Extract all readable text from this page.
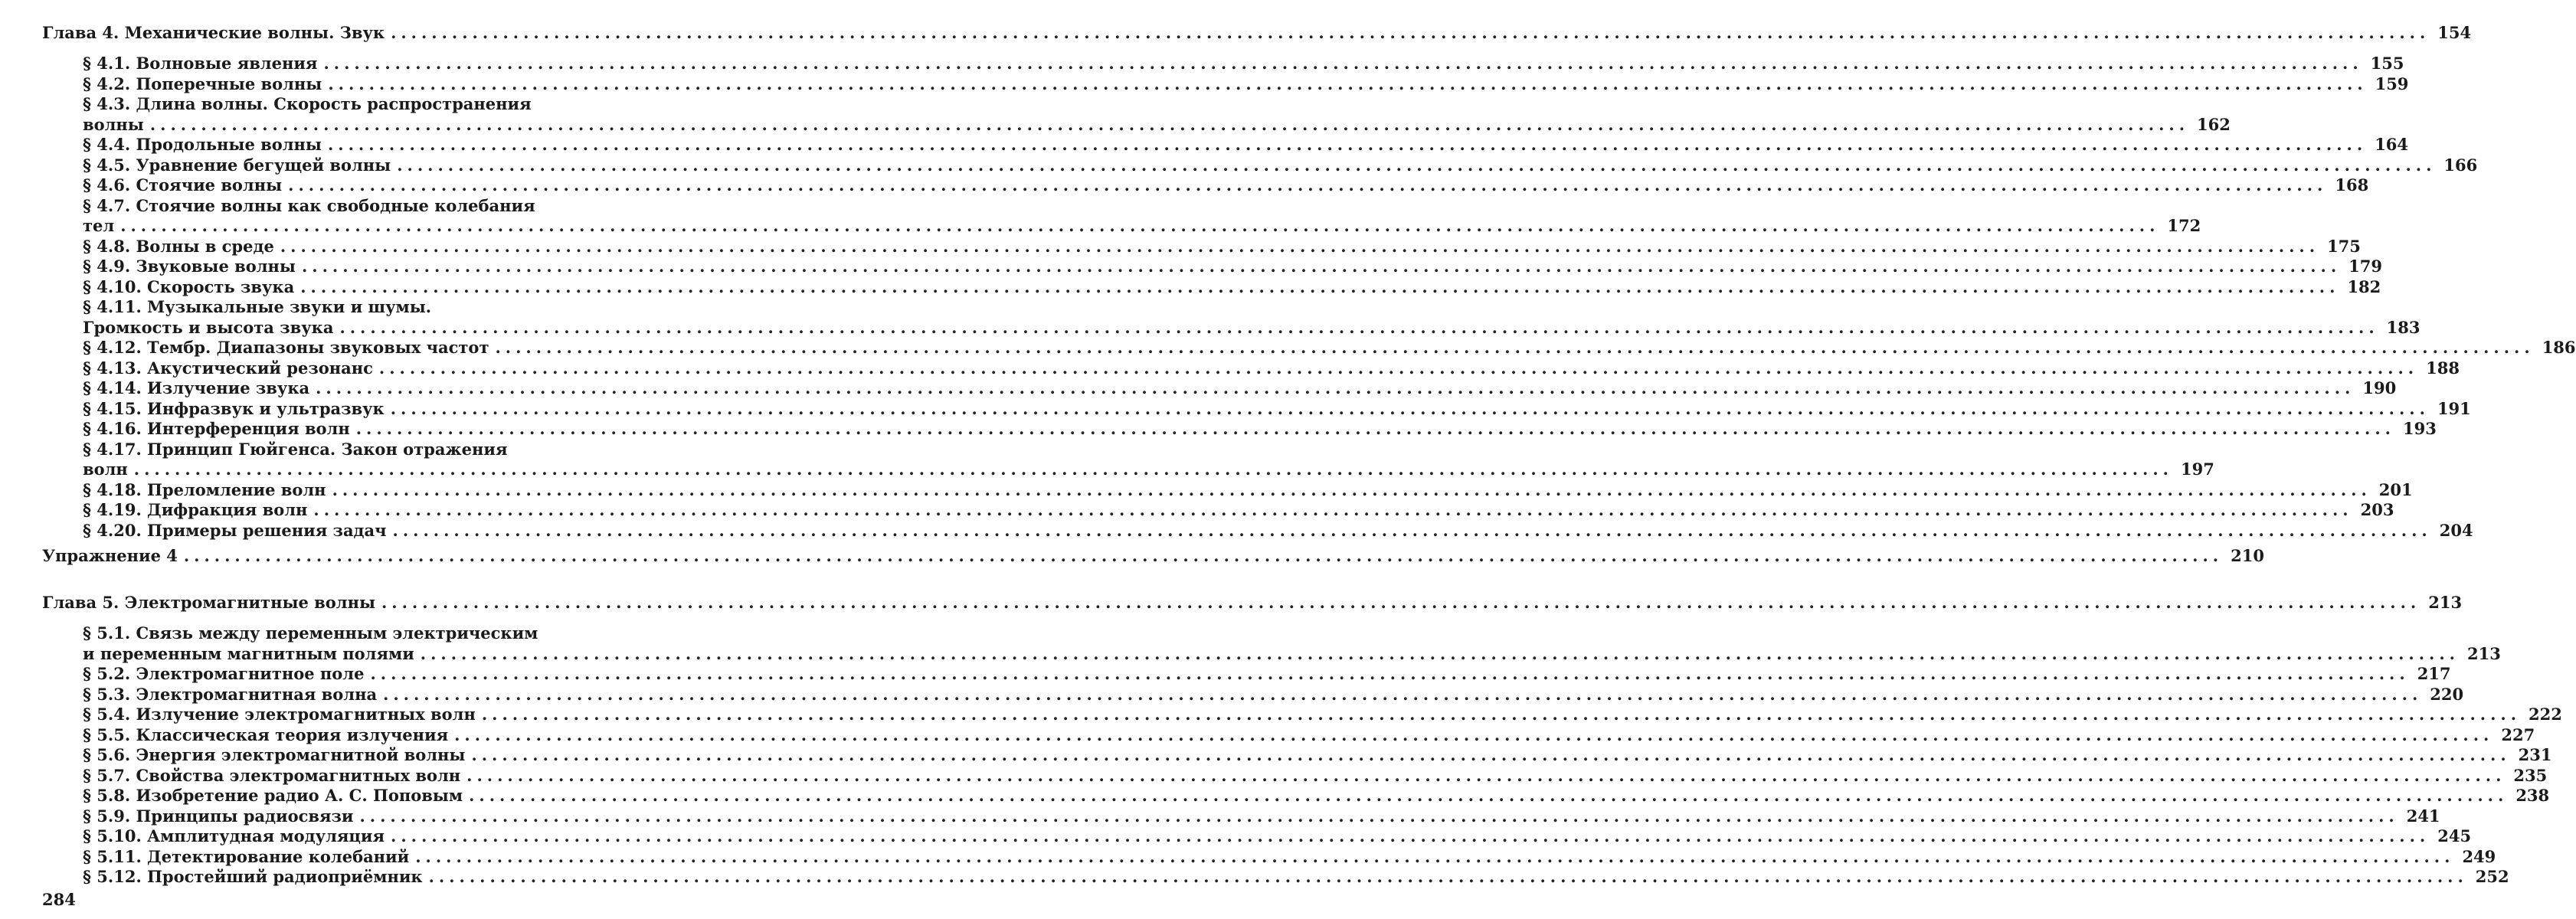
Глава 4. Механические волны. Звук ........................................................................................................................................................................................................ 154
§ 4.1. Волновые явления ........................................................................................................................................................................................................ 155
§ 4.2. Поперечные волны ........................................................................................................................................................................................................ 159
§ 4.3. Длина волны. Скорость распространения
волны ........................................................................................................................................................................................................ 162
§ 4.4. Продольные волны ........................................................................................................................................................................................................ 164
§ 4.5. Уравнение бегущей волны ........................................................................................................................................................................................................ 166
§ 4.6. Стоячие волны ........................................................................................................................................................................................................ 168
§ 4.7. Стоячие волны как свободные колебания
тел ........................................................................................................................................................................................................ 172
§ 4.8. Волны в среде ........................................................................................................................................................................................................ 175
§ 4.9. Звуковые волны ........................................................................................................................................................................................................ 179
§ 4.10. Скорость звука ........................................................................................................................................................................................................ 182
§ 4.11. Музыкальные звуки и шумы.
Громкость и высота звука ........................................................................................................................................................................................................ 183
§ 4.12. Тембр. Диапазоны звуковых частот ........................................................................................................................................................................................................ 186
§ 4.13. Акустический резонанс ........................................................................................................................................................................................................ 188
§ 4.14. Излучение звука ........................................................................................................................................................................................................ 190
§ 4.15. Инфразвук и ультразвук ........................................................................................................................................................................................................ 191
§ 4.16. Интерференция волн ........................................................................................................................................................................................................ 193
§ 4.17. Принцип Гюйгенса. Закон отражения
волн ........................................................................................................................................................................................................ 197
§ 4.18. Преломление волн ........................................................................................................................................................................................................ 201
§ 4.19. Дифракция волн ........................................................................................................................................................................................................ 203
§ 4.20. Примеры решения задач ........................................................................................................................................................................................................ 204
Упражнение 4 ........................................................................................................................................................................................................ 210
Глава 5. Электромагнитные волны ........................................................................................................................................................................................................ 213
§ 5.1. Связь между переменным электрическим
и переменным магнитным полями ........................................................................................................................................................................................................ 213
§ 5.2. Электромагнитное поле ........................................................................................................................................................................................................ 217
§ 5.3. Электромагнитная волна ........................................................................................................................................................................................................ 220
§ 5.4. Излучение электромагнитных волн ........................................................................................................................................................................................................ 222
§ 5.5. Классическая теория излучения ........................................................................................................................................................................................................ 227
§ 5.6. Энергия электромагнитной волны ........................................................................................................................................................................................................ 231
§ 5.7. Свойства электромагнитных волн ........................................................................................................................................................................................................ 235
§ 5.8. Изобретение радио А. С. Поповым ........................................................................................................................................................................................................ 238
§ 5.9. Принципы радиосвязи ........................................................................................................................................................................................................ 241
§ 5.10. Амплитудная модуляция ........................................................................................................................................................................................................ 245
§ 5.11. Детектирование колебаний ........................................................................................................................................................................................................ 249
§ 5.12. Простейший радиоприёмник ........................................................................................................................................................................................................ 252
284
